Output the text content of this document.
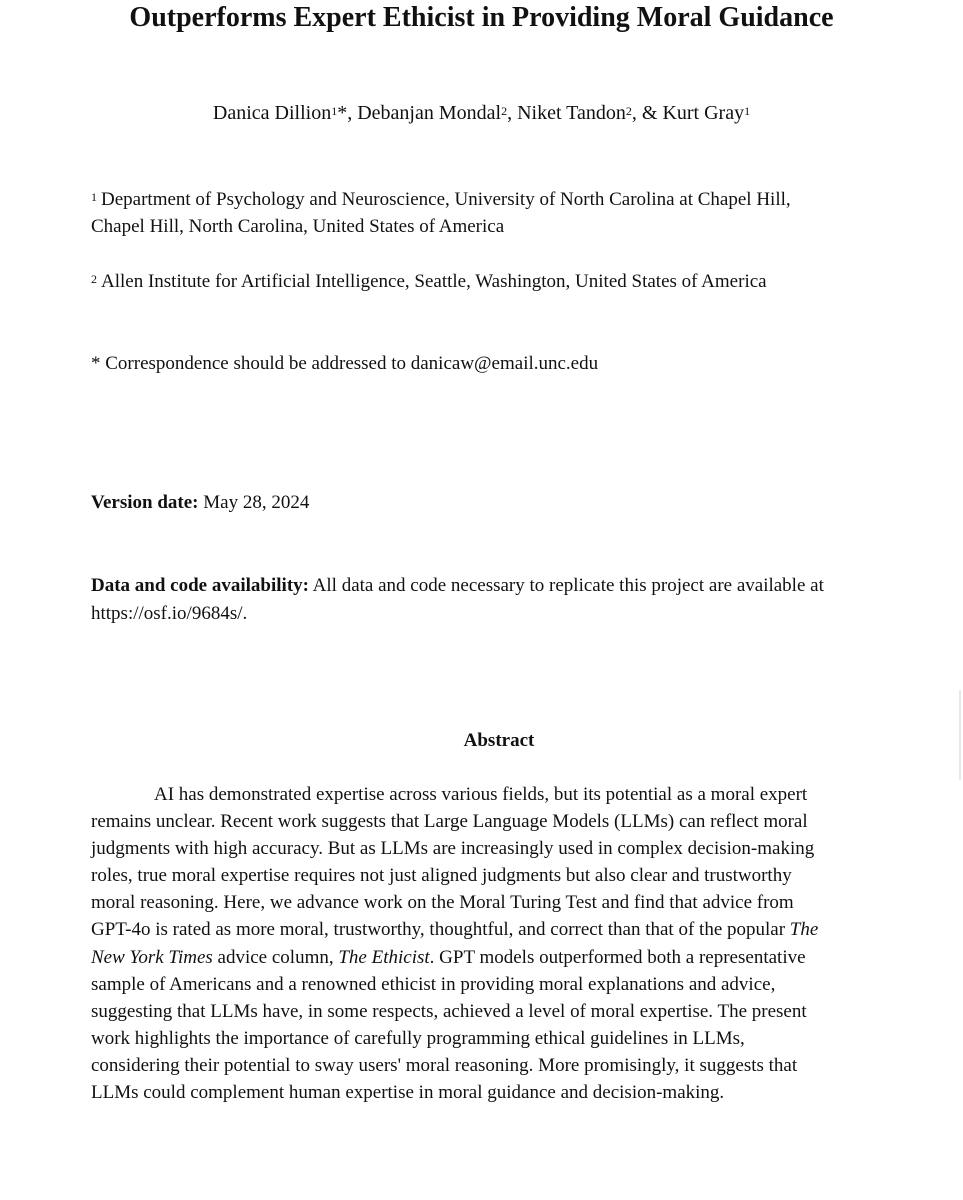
Outperforms Expert Ethicist in Providing Moral Guidance
Danica Dillion$^1$*, Debanjan Mondal$^2$, Niket Tandon$^2$, & Kurt Gray$^1$
$^1$ Department of Psychology and Neuroscience, University of North Carolina at Chapel Hill,
Chapel Hill, North Carolina, United States of America
$^2$ Allen Institute for Artificial Intelligence, Seattle, Washington, United States of America
* Correspondence should be addressed to danicaw@email.unc.edu
Version date: May 28, 2024
Data and code availability: All data and code necessary to replicate this project are available at
https://osf.io/9684s/.
Abstract
AI has demonstrated expertise across various fields, but its potential as a moral expert
remains unclear. Recent work suggests that Large Language Models (LLMs) can reflect moral
judgments with high accuracy. But as LLMs are increasingly used in complex decision-making
roles, true moral expertise requires not just aligned judgments but also clear and trustworthy
moral reasoning. Here, we advance work on the Moral Turing Test and find that advice from
GPT-4o is rated as more moral, trustworthy, thoughtful, and correct than that of the popular The
New York Times advice column, The Ethicist. GPT models outperformed both a representative
sample of Americans and a renowned ethicist in providing moral explanations and advice,
suggesting that LLMs have, in some respects, achieved a level of moral expertise. The present
work highlights the importance of carefully programming ethical guidelines in LLMs,
considering their potential to sway users' moral reasoning. More promisingly, it suggests that
LLMs could complement human expertise in moral guidance and decision-making.
